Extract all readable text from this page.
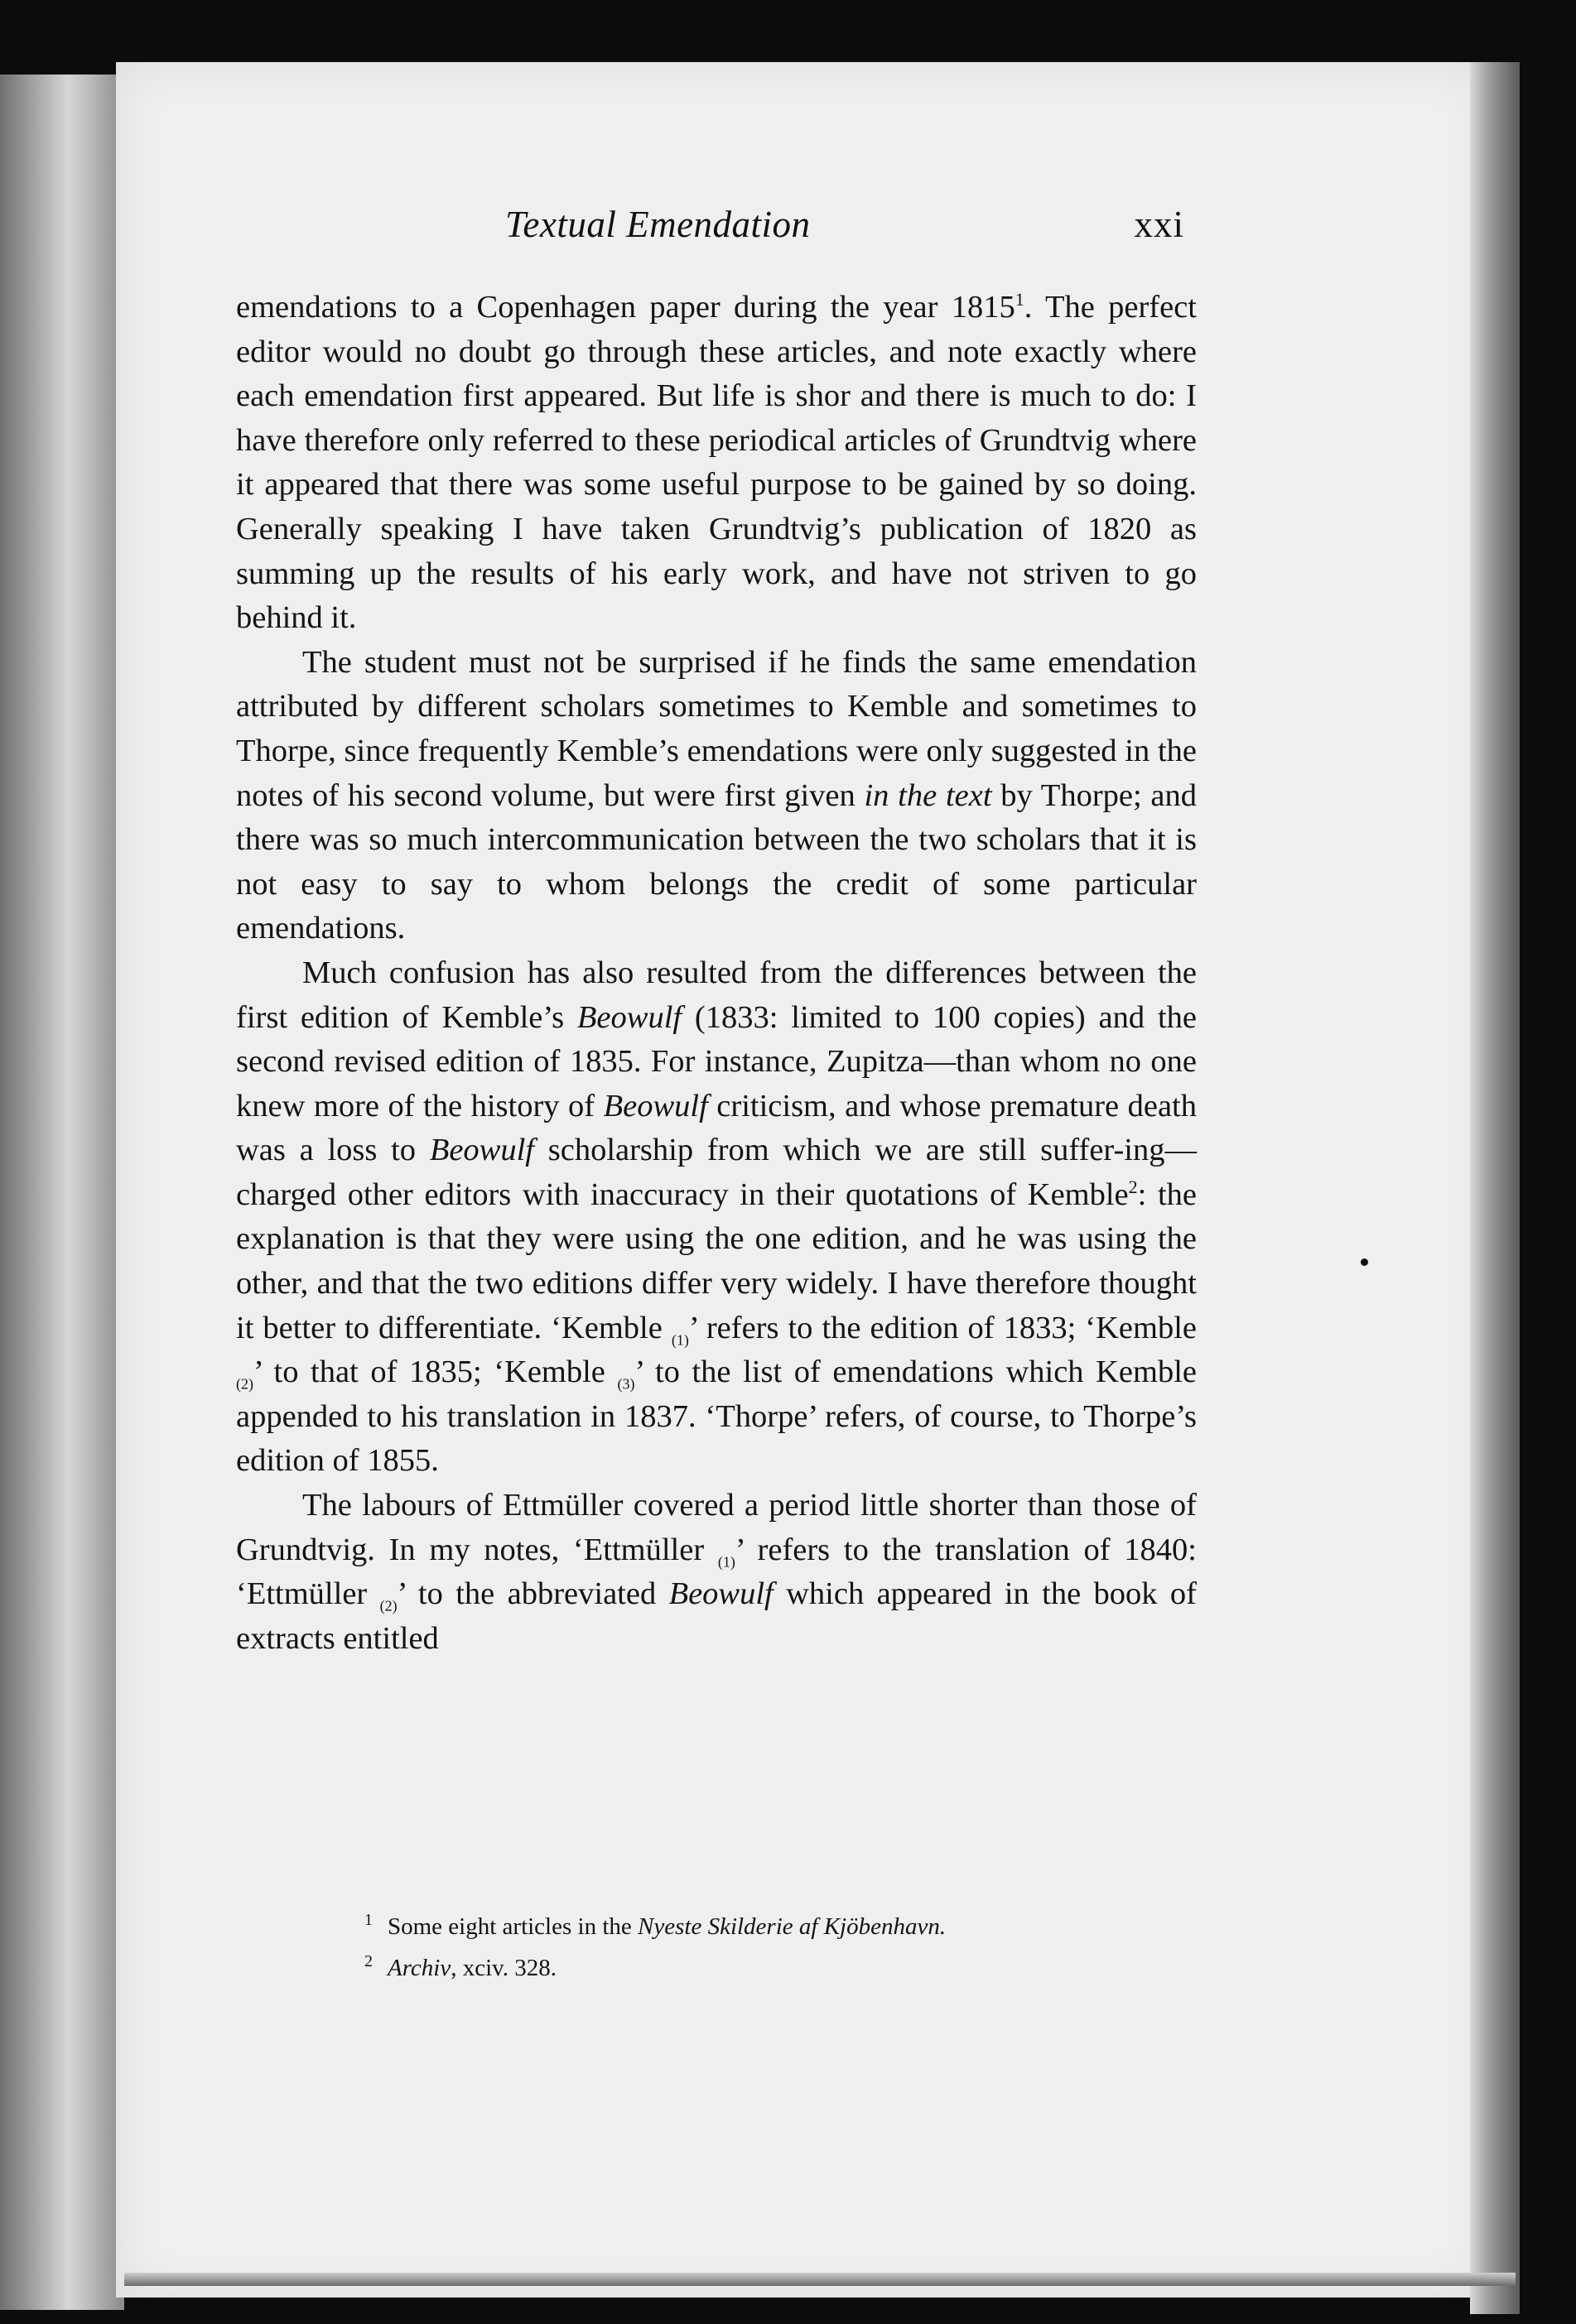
Textual Emendation	xxi

emendations to a Copenhagen paper during the year 1815$^1$. The perfect editor would no doubt go through these articles, and note exactly where each emendation first appeared. But life is shor and there is much to do: I have therefore only referred to these periodical articles of Grundtvig where it appeared that there was some useful purpose to be gained by so doing. Generally speaking I have taken Grundtvig’s publication of 1820 as summing up the results of his early work, and have not striven to go behind it.

The student must not be surprised if he finds the same emendation attributed by different scholars sometimes to Kemble and sometimes to Thorpe, since frequently Kemble’s emendations were only suggested in the notes of his second volume, but were first given in the text by Thorpe; and there was so much intercommunication between the two scholars that it is not easy to say to whom belongs the credit of some particular emendations.

Much confusion has also resulted from the differences between the first edition of Kemble’s Beowulf (1833: limited to 100 copies) and the second revised edition of 1835. For instance, Zupitza—than whom no one knew more of the history of Beowulf criticism, and whose premature death was a loss to Beowulf scholarship from which we are still suffer-ing—charged other editors with inaccuracy in their quotations of Kemble$^2$: the explanation is that they were using the one edition, and he was using the other, and that the two editions differ very widely. I have therefore thought it better to differentiate. ‘Kemble $_{(1)}$’ refers to the edition of 1833; ‘Kemble $_{(2)}$’ to that of 1835; ‘Kemble $_{(3)}$’ to the list of emendations which Kemble appended to his translation in 1837. ‘Thorpe’ refers, of course, to Thorpe’s edition of 1855.

The labours of Ettmüller covered a period little shorter than those of Grundtvig. In my notes, ‘Ettmüller $_{(1)}$’ refers to the translation of 1840: ‘Ettmüller $_{(2)}$’ to the abbreviated Beowulf which appeared in the book of extracts entitled

1 Some eight articles in the Nyeste Skilderie af Kjöbenhavn.

2 Archiv, xciv. 328.
